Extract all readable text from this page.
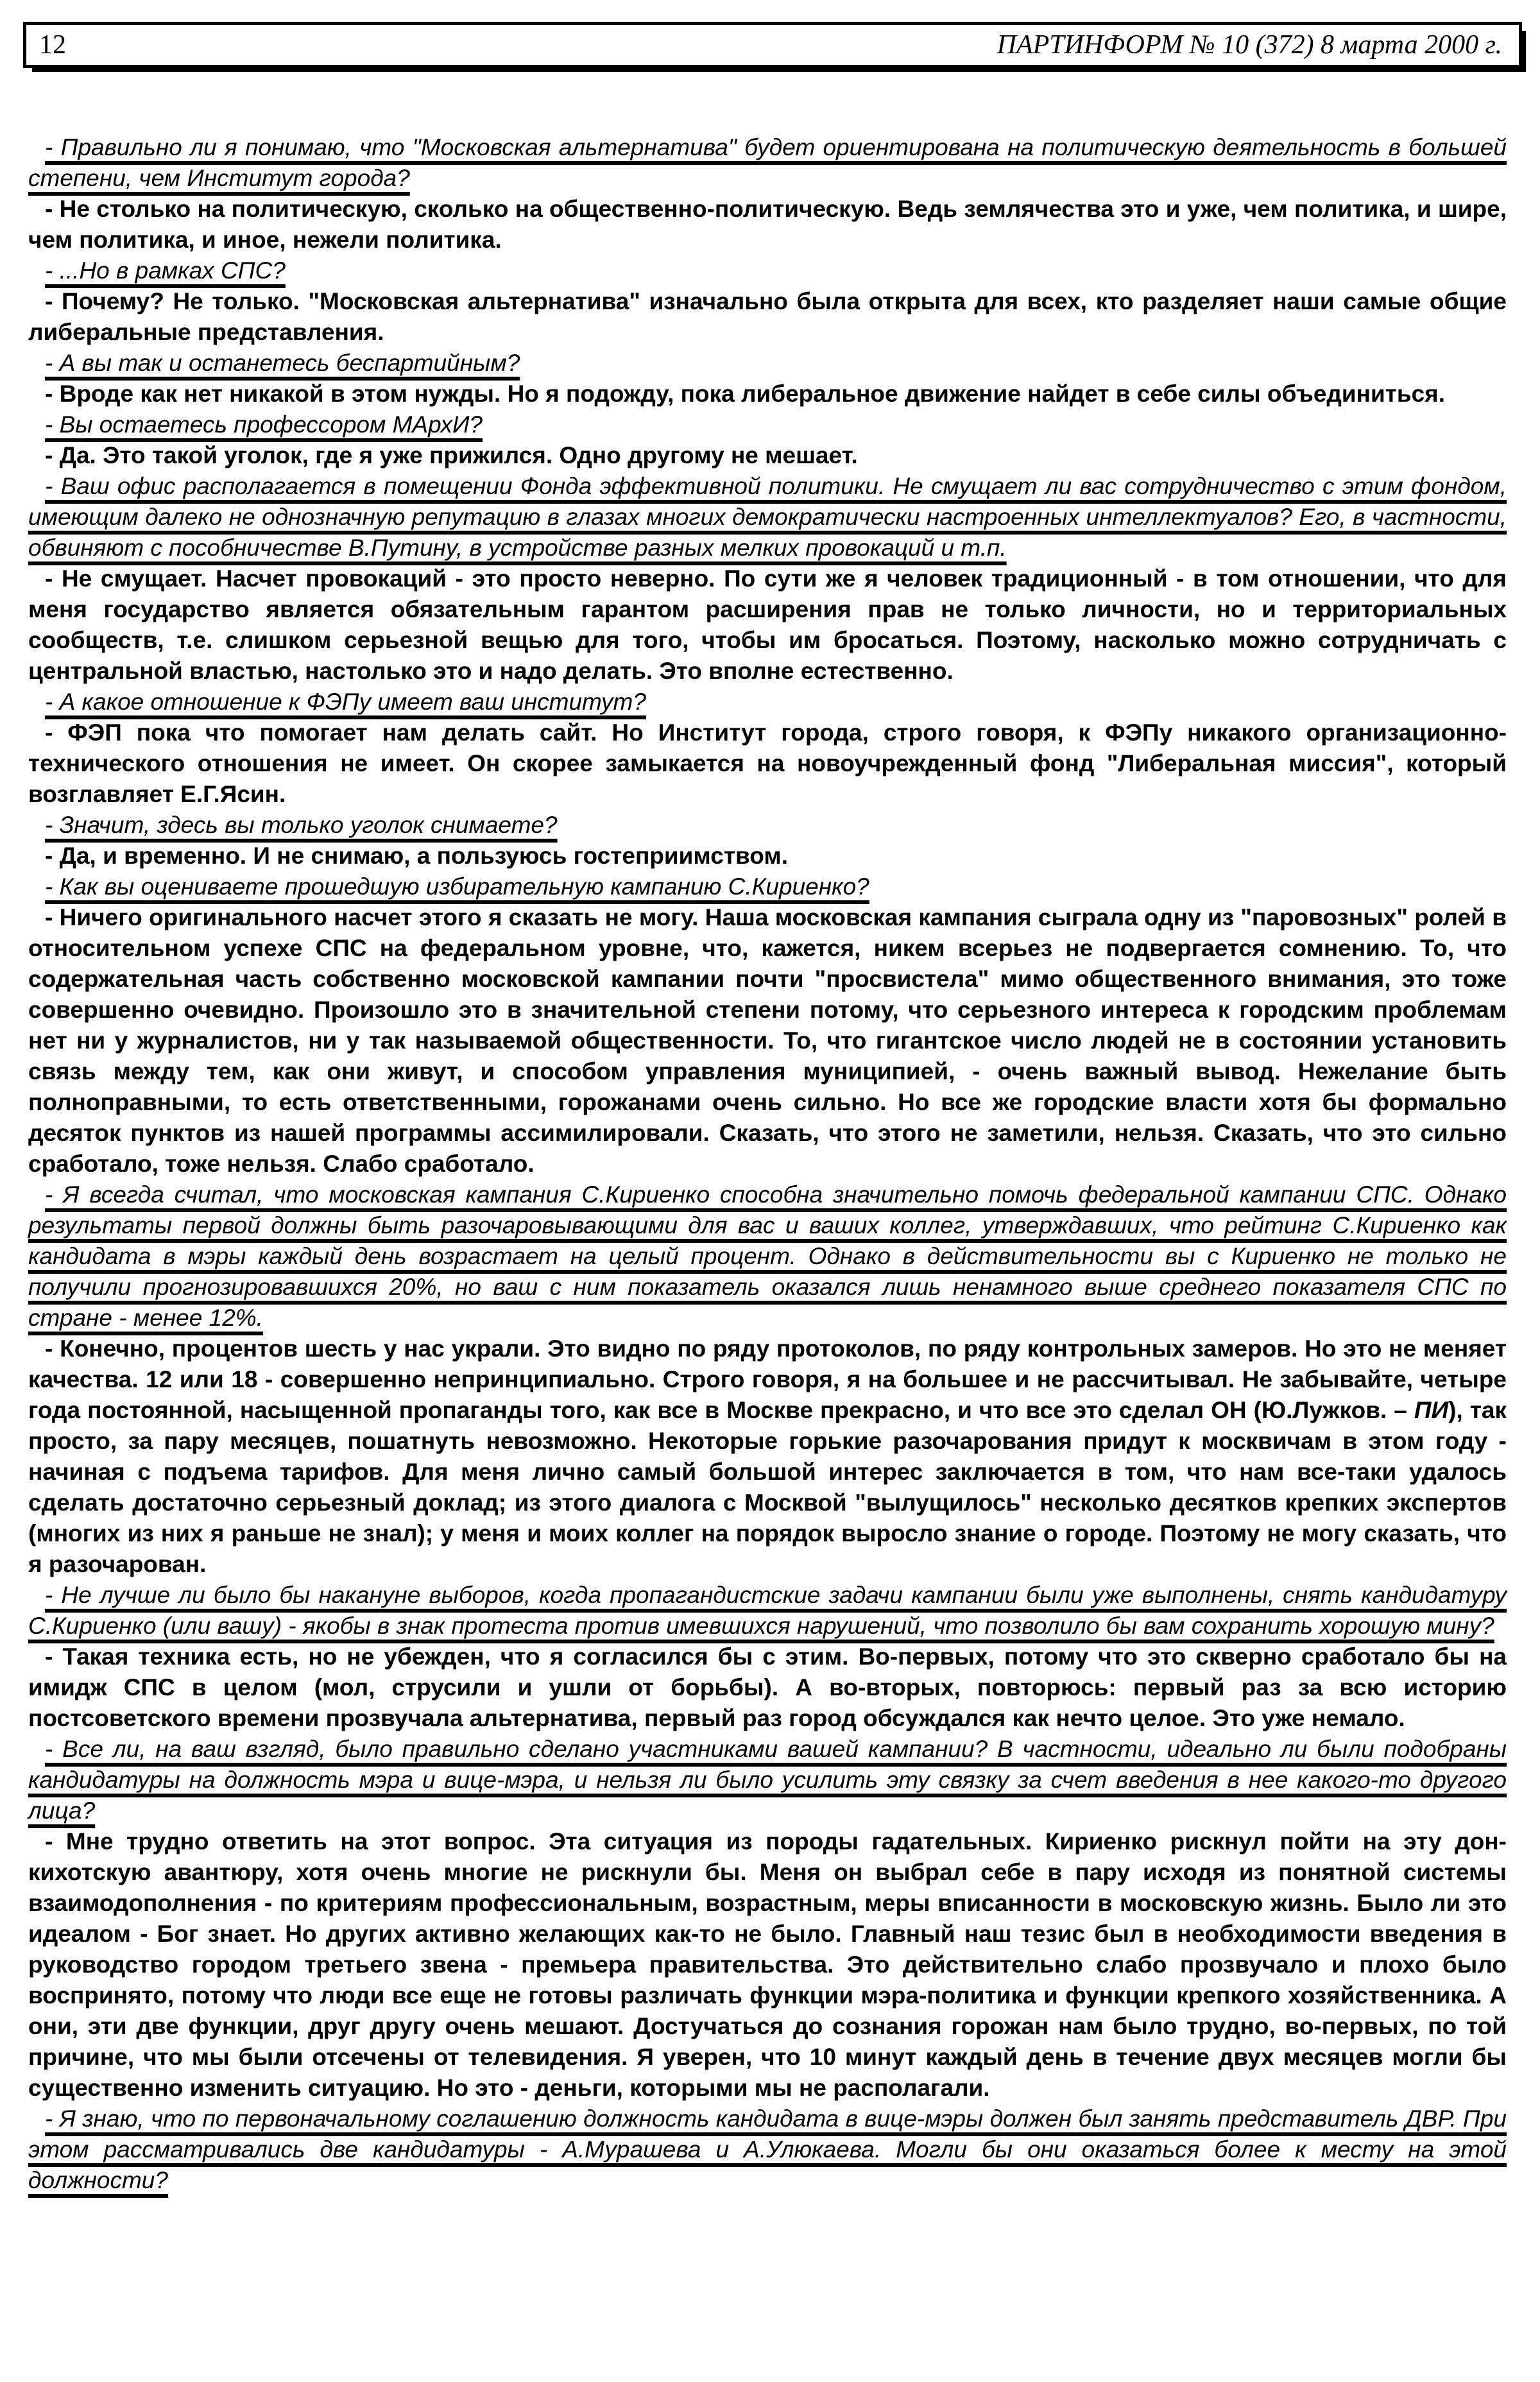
12	ПАРТИНФОРМ № 10 (372) 8 марта 2000 г.

- Правильно ли я понимаю, что "Московская альтернатива" будет ориентирована на политическую деятельность в большей степени, чем Институт города?

- Не столько на политическую, сколько на общественно-политическую. Ведь землячества это и уже, чем политика, и шире, чем политика, и иное, нежели политика.

- ...Но в рамках СПС?

- Почему? Не только. "Московская альтернатива" изначально была открыта для всех, кто разделяет наши самые общие либеральные представления.

- А вы так и останетесь беспартийным?

- Вроде как нет никакой в этом нужды. Но я подожду, пока либеральное движение найдет в себе силы объединиться.

- Вы остаетесь профессором МАрхИ?

- Да. Это такой уголок, где я уже прижился. Одно другому не мешает.

- Ваш офис располагается в помещении Фонда эффективной политики. Не смущает ли вас сотрудничество с этим фондом, имеющим далеко не однозначную репутацию в глазах многих демократически настроенных интеллектуалов? Его, в частности, обвиняют с пособничестве В.Путину, в устройстве разных мелких провокаций и т.п.

- Не смущает. Насчет провокаций - это просто неверно. По сути же я человек традиционный - в том отношении, что для меня государство является обязательным гарантом расширения прав не только личности, но и территориальных сообществ, т.е. слишком серьезной вещью для того, чтобы им бросаться. Поэтому, насколько можно сотрудничать с центральной властью, настолько это и надо делать. Это вполне естественно.

- А какое отношение к ФЭПу имеет ваш институт?

- ФЭП пока что помогает нам делать сайт. Но Институт города, строго говоря, к ФЭПу никакого организационно-технического отношения не имеет. Он скорее замыкается на новоучрежденный фонд "Либеральная миссия", который возглавляет Е.Г.Ясин.

- Значит, здесь вы только уголок снимаете?

- Да, и временно. И не снимаю, а пользуюсь гостеприимством.

- Как вы оцениваете прошедшую избирательную кампанию С.Кириенко?

- Ничего оригинального насчет этого я сказать не могу. Наша московская кампания сыграла одну из "паровозных" ролей в относительном успехе СПС на федеральном уровне, что, кажется, никем всерьез не подвергается сомнению. То, что содержательная часть собственно московской кампании почти "просвистела" мимо общественного внимания, это тоже совершенно очевидно. Произошло это в значительной степени потому, что серьезного интереса к городским проблемам нет ни у журналистов, ни у так называемой общественности. То, что гигантское число людей не в состоянии установить связь между тем, как они живут, и способом управления муниципией, - очень важный вывод. Нежелание быть полноправными, то есть ответственными, горожанами очень сильно. Но все же городские власти хотя бы формально десяток пунктов из нашей программы ассимилировали. Сказать, что этого не заметили, нельзя. Сказать, что это сильно сработало, тоже нельзя. Слабо сработало.

- Я всегда считал, что московская кампания С.Кириенко способна значительно помочь федеральной кампании СПС. Однако результаты первой должны быть разочаровывающими для вас и ваших коллег, утверждавших, что рейтинг С.Кириенко как кандидата в мэры каждый день возрастает на целый процент. Однако в действительности вы с Кириенко не только не получили прогнозировавшихся 20%, но ваш с ним показатель оказался лишь ненамного выше среднего показателя СПС по стране - менее 12%.

- Конечно, процентов шесть у нас украли. Это видно по ряду протоколов, по ряду контрольных замеров. Но это не меняет качества. 12 или 18 - совершенно непринципиально. Строго говоря, я на большее и не рассчитывал. Не забывайте, четыре года постоянной, насыщенной пропаганды того, как все в Москве прекрасно, и что все это сделал ОН (Ю.Лужков. – ПИ), так просто, за пару месяцев, пошатнуть невозможно. Некоторые горькие разочарования придут к москвичам в этом году - начиная с подъема тарифов. Для меня лично самый большой интерес заключается в том, что нам все-таки удалось сделать достаточно серьезный доклад; из этого диалога с Москвой "вылущилось" несколько десятков крепких экспертов (многих из них я раньше не знал); у меня и моих коллег на порядок выросло знание о городе. Поэтому не могу сказать, что я разочарован.

- Не лучше ли было бы накануне выборов, когда пропагандистские задачи кампании были уже выполнены, снять кандидатуру С.Кириенко (или вашу) - якобы в знак протеста против имевшихся нарушений, что позволило бы вам сохранить хорошую мину?

- Такая техника есть, но не убежден, что я согласился бы с этим. Во-первых, потому что это скверно сработало бы на имидж СПС в целом (мол, струсили и ушли от борьбы). А во-вторых, повторюсь: первый раз за всю историю постсоветского времени прозвучала альтернатива, первый раз город обсуждался как нечто целое. Это уже немало.

- Все ли, на ваш взгляд, было правильно сделано участниками вашей кампании? В частности, идеально ли были подобраны кандидатуры на должность мэра и вице-мэра, и нельзя ли было усилить эту связку за счет введения в нее какого-то другого лица?

- Мне трудно ответить на этот вопрос. Эта ситуация из породы гадательных. Кириенко рискнул пойти на эту дон-кихотскую авантюру, хотя очень многие не рискнули бы. Меня он выбрал себе в пару исходя из понятной системы взаимодополнения - по критериям профессиональным, возрастным, меры вписанности в московскую жизнь. Было ли это идеалом - Бог знает. Но других активно желающих как-то не было. Главный наш тезис был в необходимости введения в руководство городом третьего звена - премьера правительства. Это действительно слабо прозвучало и плохо было воспринято, потому что люди все еще не готовы различать функции мэра-политика и функции крепкого хозяйственника. А они, эти две функции, друг другу очень мешают. Достучаться до сознания горожан нам было трудно, во-первых, по той причине, что мы были отсечены от телевидения. Я уверен, что 10 минут каждый день в течение двух месяцев могли бы существенно изменить ситуацию. Но это - деньги, которыми мы не располагали.

- Я знаю, что по первоначальному соглашению должность кандидата в вице-мэры должен был занять представитель ДВР. При этом рассматривались две кандидатуры - А.Мурашева и А.Улюкаева. Могли бы они оказаться более к месту на этой должности?
